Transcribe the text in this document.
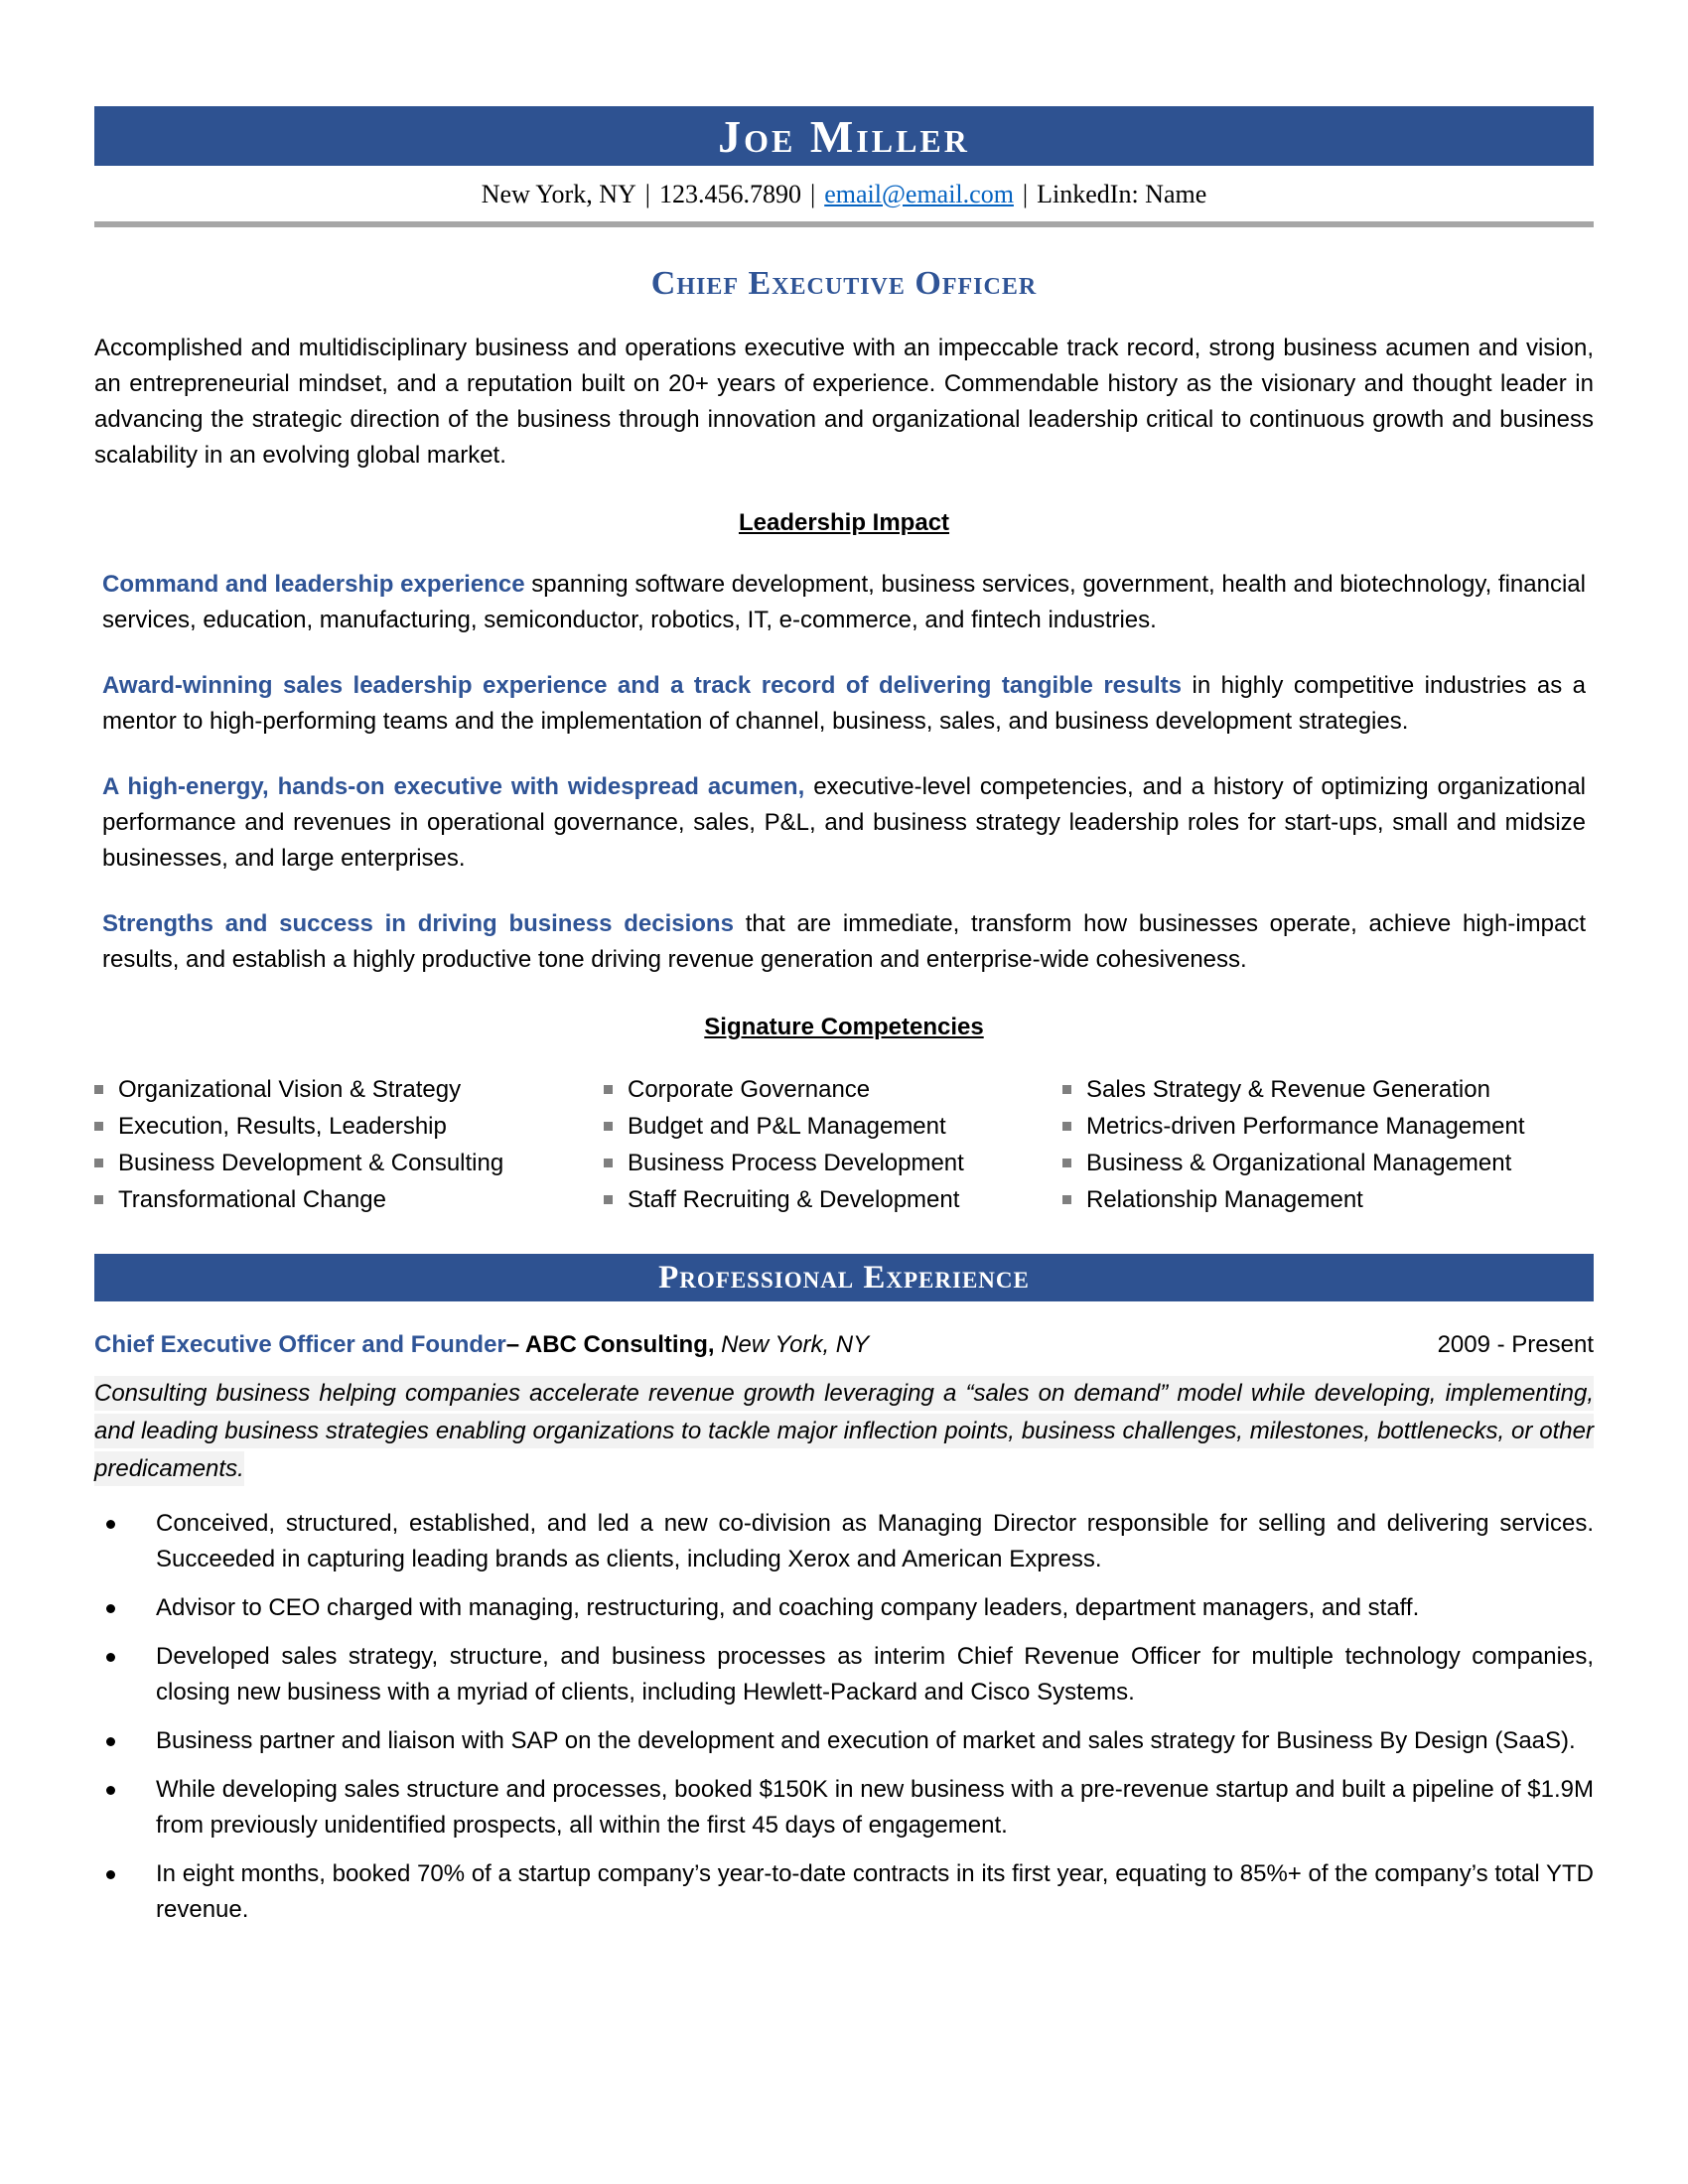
Joe Miller
New York, NY | 123.456.7890 | email@email.com | LinkedIn: Name
Chief Executive Officer

Accomplished and multidisciplinary business and operations executive with an impeccable track record, strong business acumen and vision, an entrepreneurial mindset, and a reputation built on 20+ years of experience. Commendable history as the visionary and thought leader in advancing the strategic direction of the business through innovation and organizational leadership critical to continuous growth and business scalability in an evolving global market.

Leadership Impact

Command and leadership experience spanning software development, business services, government, health and biotechnology, financial services, education, manufacturing, semiconductor, robotics, IT, e-commerce, and fintech industries.

Award-winning sales leadership experience and a track record of delivering tangible results in highly competitive industries as a mentor to high-performing teams and the implementation of channel, business, sales, and business development strategies.

A high-energy, hands-on executive with widespread acumen, executive-level competencies, and a history of optimizing organizational performance and revenues in operational governance, sales, P&L, and business strategy leadership roles for start-ups, small and midsize businesses, and large enterprises.

Strengths and success in driving business decisions that are immediate, transform how businesses operate, achieve high-impact results, and establish a highly productive tone driving revenue generation and enterprise-wide cohesiveness.

Signature Competencies
Organizational Vision & Strategy
Execution, Results, Leadership
Business Development & Consulting
Transformational Change
Corporate Governance
Budget and P&L Management
Business Process Development
Staff Recruiting & Development
Sales Strategy & Revenue Generation
Metrics-driven Performance Management
Business & Organizational Management
Relationship Management
Professional Experience

Chief Executive Officer and Founder– ABC Consulting, New York, NY	2009 - Present

Consulting business helping companies accelerate revenue growth leveraging a “sales on demand” model while developing, implementing, and leading business strategies enabling organizations to tackle major inflection points, business challenges, milestones, bottlenecks, or other predicaments.

Conceived, structured, established, and led a new co-division as Managing Director responsible for selling and delivering services. Succeeded in capturing leading brands as clients, including Xerox and American Express.
Advisor to CEO charged with managing, restructuring, and coaching company leaders, department managers, and staff.
Developed sales strategy, structure, and business processes as interim Chief Revenue Officer for multiple technology companies, closing new business with a myriad of clients, including Hewlett-Packard and Cisco Systems.
Business partner and liaison with SAP on the development and execution of market and sales strategy for Business By Design (SaaS).
While developing sales structure and processes, booked $150K in new business with a pre-revenue startup and built a pipeline of $1.9M from previously unidentified prospects, all within the first 45 days of engagement.
In eight months, booked 70% of a startup company’s year-to-date contracts in its first year, equating to 85%+ of the company’s total YTD revenue.
